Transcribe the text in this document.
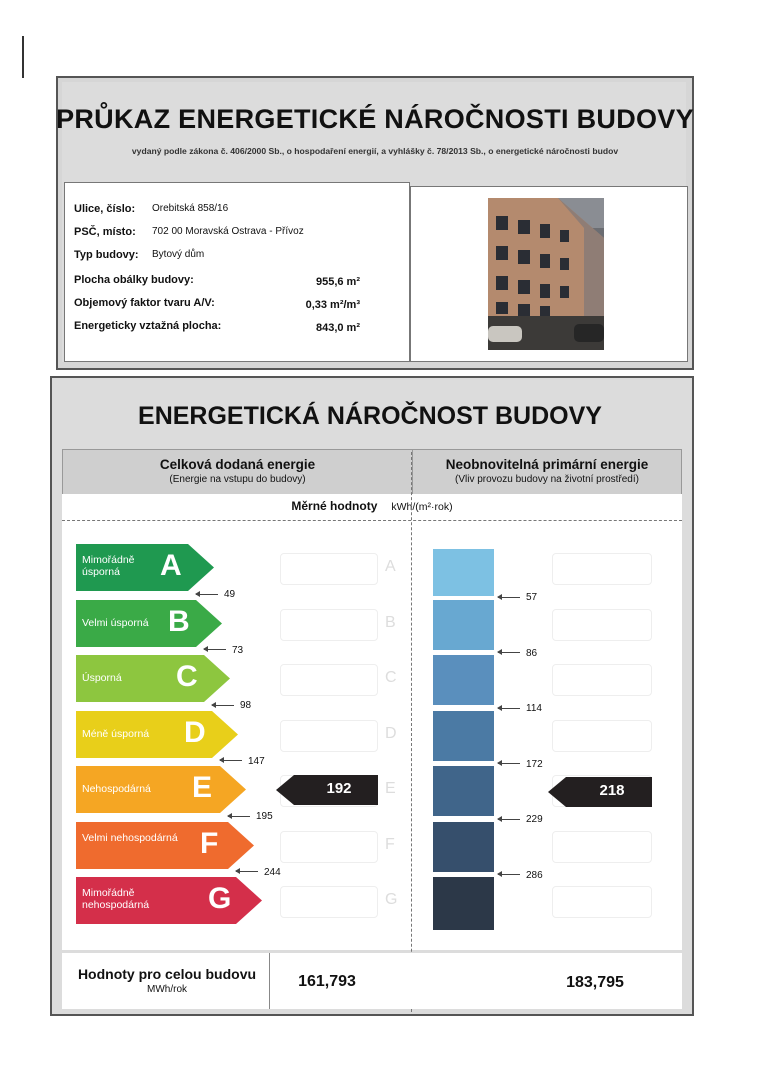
PRŮKAZ ENERGETICKÉ NÁROČNOSTI BUDOVY
vydaný podle zákona č. 406/2000 Sb., o hospodaření energií, a vyhlášky č. 78/2013 Sb., o energetické náročnosti budov
Ulice, číslo: Orebitská 858/16
PSČ, místo: 702 00 Moravská Ostrava - Přívoz
Typ budovy: Bytový dům
Plocha obálky budovy:	955,6 m²
Objemový faktor tvaru A/V:	0,33 m²/m³
Energeticky vztažná plocha:	843,0 m²
ENERGETICKÁ NÁROČNOST BUDOVY
Celková dodaná energie
(Energie na vstupu do budovy)
Neobnovitelná primární energie
(Vliv provozu budovy na životní prostředí)
Měrné hodnoty kWh/(m²·rok)
Mimořádně úsporná	A	A
Velmi úsporná B	B
Úsporná	C	C
Méně úsporná	D	D
Nehospodárná	E	E
Velmi nehospodárná F	F
Mimořádně nehospodárná	G	G
49
73
98
147
195
244
192
57
86
114
172
229
286
218
Hodnoty pro celou budovu
MWh/rok	161,793	183,795
